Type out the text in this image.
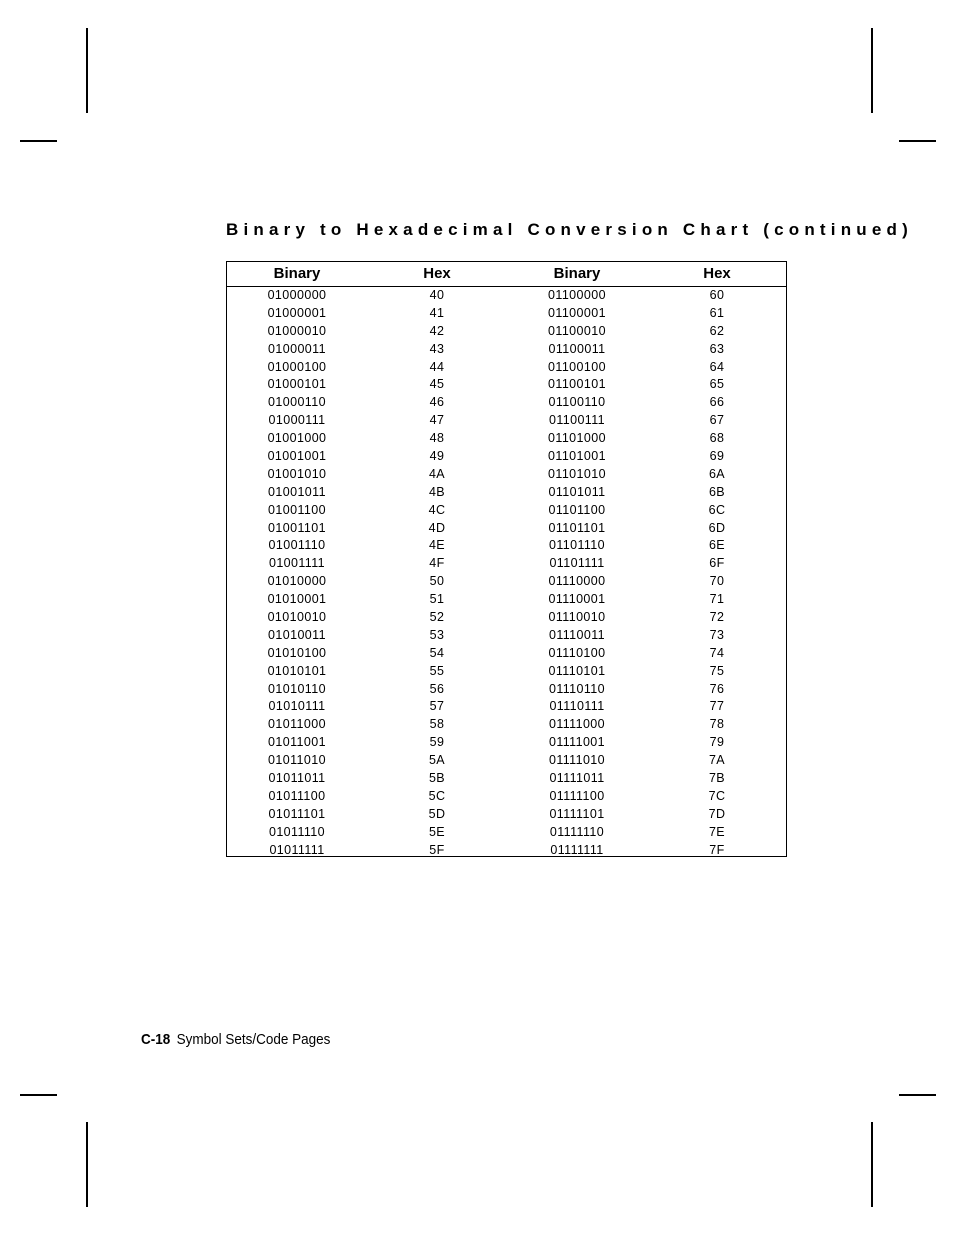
Binary to Hexadecimal Conversion Chart (continued)
Binary	Hex	Binary	Hex
01000000	40	01100000	60
01000001	41	01100001	61
01000010	42	01100010	62
01000011	43	01100011	63
01000100	44	01100100	64
01000101	45	01100101	65
01000110	46	01100110	66
01000111	47	01100111	67
01001000	48	01101000	68
01001001	49	01101001	69
01001010	4A	01101010	6A
01001011	4B	01101011	6B
01001100	4C	01101100	6C
01001101	4D	01101101	6D
01001110	4E	01101110	6E
01001111	4F	01101111	6F
01010000	50	01110000	70
01010001	51	01110001	71
01010010	52	01110010	72
01010011	53	01110011	73
01010100	54	01110100	74
01010101	55	01110101	75
01010110	56	01110110	76
01010111	57	01110111	77
01011000	58	01111000	78
01011001	59	01111001	79
01011010	5A	01111010	7A
01011011	5B	01111011	7B
01011100	5C	01111100	7C
01011101	5D	01111101	7D
01011110	5E	01111110	7E
01011111	5F	01111111	7F
C-18 Symbol Sets/Code Pages
